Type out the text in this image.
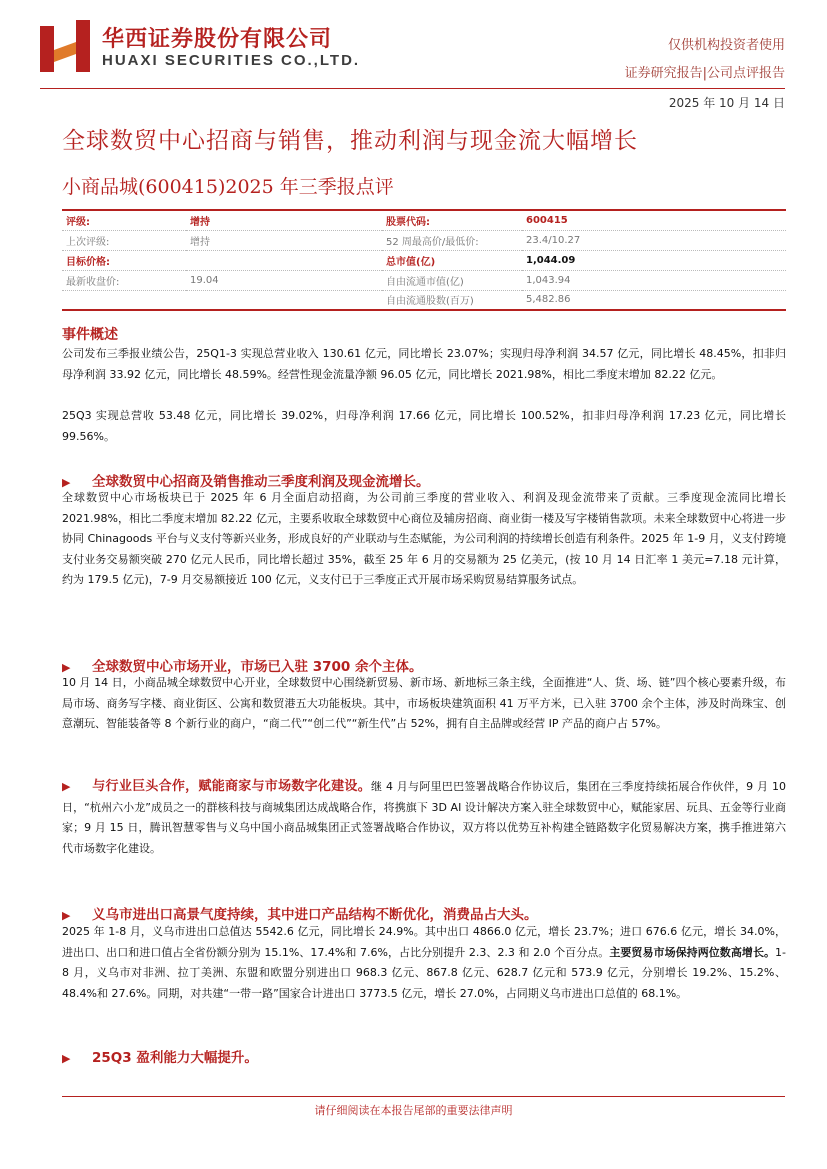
华西证券股份有限公司
HUAXI SECURITIES CO.,LTD.
仅供机构投资者使用
证券研究报告|公司点评报告
2025 年 10 月 14 日
全球数贸中心招商与销售，推动利润与现金流大幅增长
小商品城(600415)2025 年三季报点评
评级:	增持	股票代码:	600415
上次评级:	增持	52 周最高价/最低价:	23.4/10.27
目标价格:		总市值(亿)	1,044.09
最新收盘价:	19.04	自由流通市值(亿)	1,043.94
		自由流通股数(百万)	5,482.86
事件概述

公司发布三季报业绩公告，25Q1-3 实现总营业收入 130.61 亿元，同比增长 23.07%；实现归母净利润 34.57 亿元，同比增长 48.45%，扣非归母净利润 33.92 亿元，同比增长 48.59%。经营性现金流量净额 96.05 亿元，同比增长 2021.98%，相比二季度末增加 82.22 亿元。

25Q3 实现总营收 53.48 亿元，同比增长 39.02%，归母净利润 17.66 亿元，同比增长 100.52%，扣非归母净利润 17.23 亿元，同比增长 99.56%。

▶ 全球数贸中心招商及销售推动三季度利润及现金流增长。

全球数贸中心市场板块已于 2025 年 6 月全面启动招商，为公司前三季度的营业收入、利润及现金流带来了贡献。三季度现金流同比增长 2021.98%，相比二季度末增加 82.22 亿元，主要系收取全球数贸中心商位及辅房招商、商业街一楼及写字楼销售款项。未来全球数贸中心将进一步协同 Chinagoods 平台与义支付等新兴业务，形成良好的产业联动与生态赋能，为公司利润的持续增长创造有利条件。2025 年 1-9 月，义支付跨境支付业务交易额突破 270 亿元人民币，同比增长超过 35%，截至 25 年 6 月的交易额为 25 亿美元，(按 10 月 14 日汇率 1 美元=7.18 元计算，约为 179.5 亿元)，7-9 月交易额接近 100 亿元，义支付已于三季度正式开展市场采购贸易结算服务试点。

▶ 全球数贸中心市场开业，市场已入驻 3700 余个主体。

10 月 14 日，小商品城全球数贸中心开业，全球数贸中心围绕新贸易、新市场、新地标三条主线，全面推进“人、货、场、链”四个核心要素升级，布局市场、商务写字楼、商业街区、公寓和数贸港五大功能板块。其中，市场板块建筑面积 41 万平方米，已入驻 3700 余个主体，涉及时尚珠宝、创意潮玩、智能装备等 8 个新行业的商户，“商二代”“创二代”“新生代”占 52%，拥有自主品牌或经营 IP 产品的商户占 57%。

▶ 与行业巨头合作，赋能商家与市场数字化建设。继 4 月与阿里巴巴签署战略合作协议后，集团在三季度持续拓展合作伙伴，9 月 10 日，“杭州六小龙”成员之一的群核科技与商城集团达成战略合作，将携旗下 3D AI 设计解决方案入驻全球数贸中心，赋能家居、玩具、五金等行业商家；9 月 15 日，腾讯智慧零售与义乌中国小商品城集团正式签署战略合作协议，双方将以优势互补构建全链路数字化贸易解决方案，携手推进第六代市场数字化建设。

▶ 义乌市进出口高景气度持续，其中进口产品结构不断优化，消费品占大头。

2025 年 1-8 月，义乌市进出口总值达 5542.6 亿元，同比增长 24.9%。其中出口 4866.0 亿元，增长 23.7%；进口 676.6 亿元，增长 34.0%，进出口、出口和进口值占全省份额分别为 15.1%、17.4%和 7.6%，占比分别提升 2.3、2.3 和 2.0 个百分点。主要贸易市场保持两位数高增长。1-8 月，义乌市对非洲、拉丁美洲、东盟和欧盟分别进出口 968.3 亿元、867.8 亿元、628.7 亿元和 573.9 亿元，分别增长 19.2%、15.2%、48.4%和 27.6%。同期，对共建“一带一路”国家合计进出口 3773.5 亿元，增长 27.0%，占同期义乌市进出口总值的 68.1%。

▶ 25Q3 盈利能力大幅提升。
请仔细阅读在本报告尾部的重要法律声明
